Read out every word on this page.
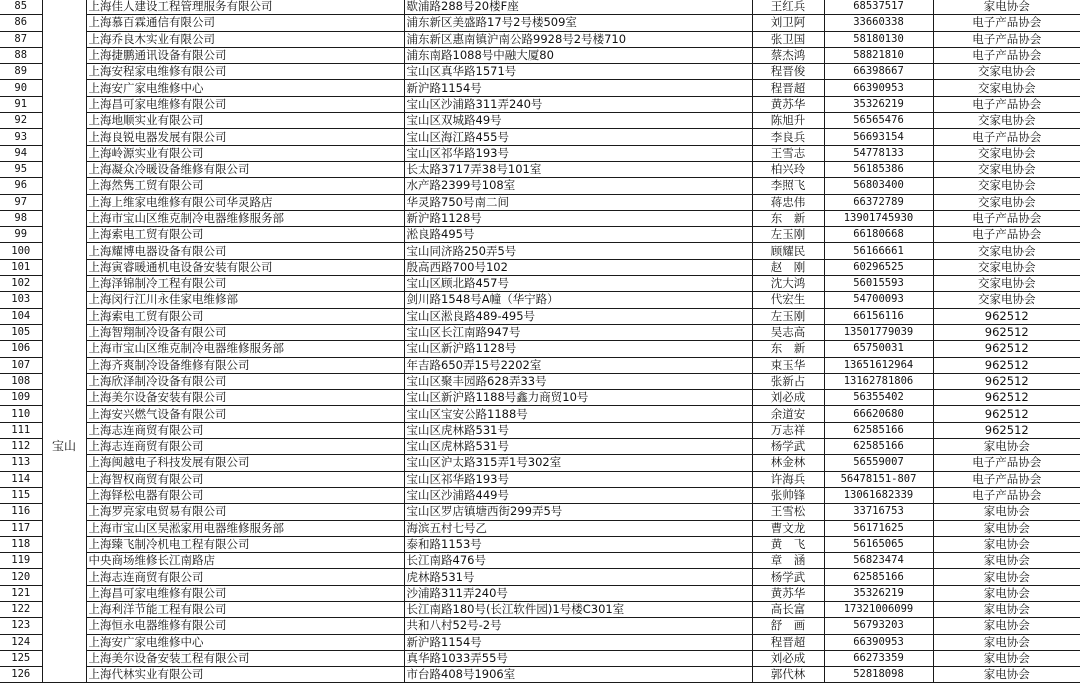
85		上海佳人建设工程管理服务有限公司	歇浦路288号20楼F座	王红兵	68537517	家电协会
86		上海慕百霖通信有限公司	浦东新区美盛路17号2号楼509室	刘卫阿	33660338	电子产品协会
87		上海乔良木实业有限公司	浦东新区惠南镇沪南公路9928号2号楼710	张卫国	58180130	电子产品协会
88		上海捷鹏通讯设备有限公司	浦东南路1088号中融大厦80	蔡杰鸿	58821810	电子产品协会
89		上海安程家电维修有限公司	宝山区真华路1571号	程晋俊	66398667	交家电协会
90		上海安广家电维修中心	新沪路1154号	程晋超	66390953	交家电协会
91		上海昌可家电维修有限公司	宝山区沙浦路311弄240号	黄苏华	35326219	电子产品协会
92		上海地顺实业有限公司	宝山区双城路49号	陈旭升	56565476	交家电协会
93		上海良锐电器发展有限公司	宝山区海江路455号	李良兵	56693154	电子产品协会
94		上海岭源实业有限公司	宝山区祁华路193号	王雪志	54778133	交家电协会
95		上海凝众冷暖设备维修有限公司	长太路3717弄38号101室	柏兴玲	56185386	交家电协会
96		上海然隽工贸有限公司	水产路2399号108室	李照飞	56803400	交家电协会
97		上海上维家电维修有限公司华灵路店	华灵路750号南二间	蒋忠伟	66372789	交家电协会
98		上海市宝山区维克制冷电器维修服务部	新沪路1128号	东　新	13901745930	电子产品协会
99		上海索电工贸有限公司	淞良路495号	左玉刚	66180668	电子产品协会
100		上海耀博电器设备有限公司	宝山同济路250弄5号	顾耀民	56166661	交家电协会
101		上海寅睿暖通机电设备安装有限公司	殷高西路700号102	赵　刚	60296525	交家电协会
102		上海泽锦制冷工程有限公司	宝山区顾北路457号	沈大鸿	56015593	交家电协会
103		上海闵行江川永佳家电维修部	剑川路1548号A幢（华宁路）	代宏生	54700093	交家电协会
104		上海索电工贸有限公司	宝山区淞良路489-495号	左玉刚	66156116	962512
105		上海智翔制冷设备有限公司	宝山区长江南路947号	吴志高	13501779039	962512
106		上海市宝山区维克制冷电器维修服务部	宝山区新沪路1128号	东　新	65750031	962512
107		上海齐爽制冷设备维修有限公司	年吉路650弄15号2202室	束玉华	13651612964	962512
108		上海欣泽制冷设备有限公司	宝山区聚丰园路628弄33号	张新占	13162781806	962512
109		上海美尔设备安装有限公司	宝山区新沪路1188号鑫力商贸10号	刘必成	56355402	962512
110		上海安兴燃气设备有限公司	宝山区宝安公路1188号	余道安	66620680	962512
111		上海志连商贸有限公司	宝山区虎林路531号	万志祥	62585166	962512
112	宝山	上海志连商贸有限公司	宝山区虎林路531号	杨学武	62585166	家电协会
113		上海闽越电子科技发展有限公司	宝山区沪太路315弄1号302室	林金林	56559007	电子产品协会
114		上海智权商贸有限公司	宝山区祁华路193号	许海兵	56478151-807	电子产品协会
115		上海铎松电器有限公司	宝山区沙浦路449号	张帅锋	13061682339	电子产品协会
116		上海罗亮家电贸易有限公司	宝山区罗店镇塘西街299弄5号	王雪松	33716753	家电协会
117		上海市宝山区吴淞家用电器维修服务部	海滨五村七号乙	曹文龙	56171625	家电协会
118		上海臻飞制冷机电工程有限公司	泰和路1153号	黄　飞	56165065	家电协会
119		中央商场维修长江南路店	长江南路476号	章　涵	56823474	家电协会
120		上海志连商贸有限公司	虎林路531号	杨学武	62585166	家电协会
121		上海昌可家电维修有限公司	沙浦路311弄240号	黄苏华	35326219	家电协会
122		上海利洋节能工程有限公司	长江南路180号(长江软件园)1号楼C301室	高长富	17321006099	家电协会
123		上海恒永电器维修有限公司	共和八村52号-2号	舒　画	56793203	家电协会
124		上海安广家电维修中心	新沪路1154号	程晋超	66390953	家电协会
125		上海美尔设备安装工程有限公司	真华路1033弄55号	刘必成	66273359	家电协会
126		上海代林实业有限公司	市台路408号1906室	郭代林	52818098	家电协会
